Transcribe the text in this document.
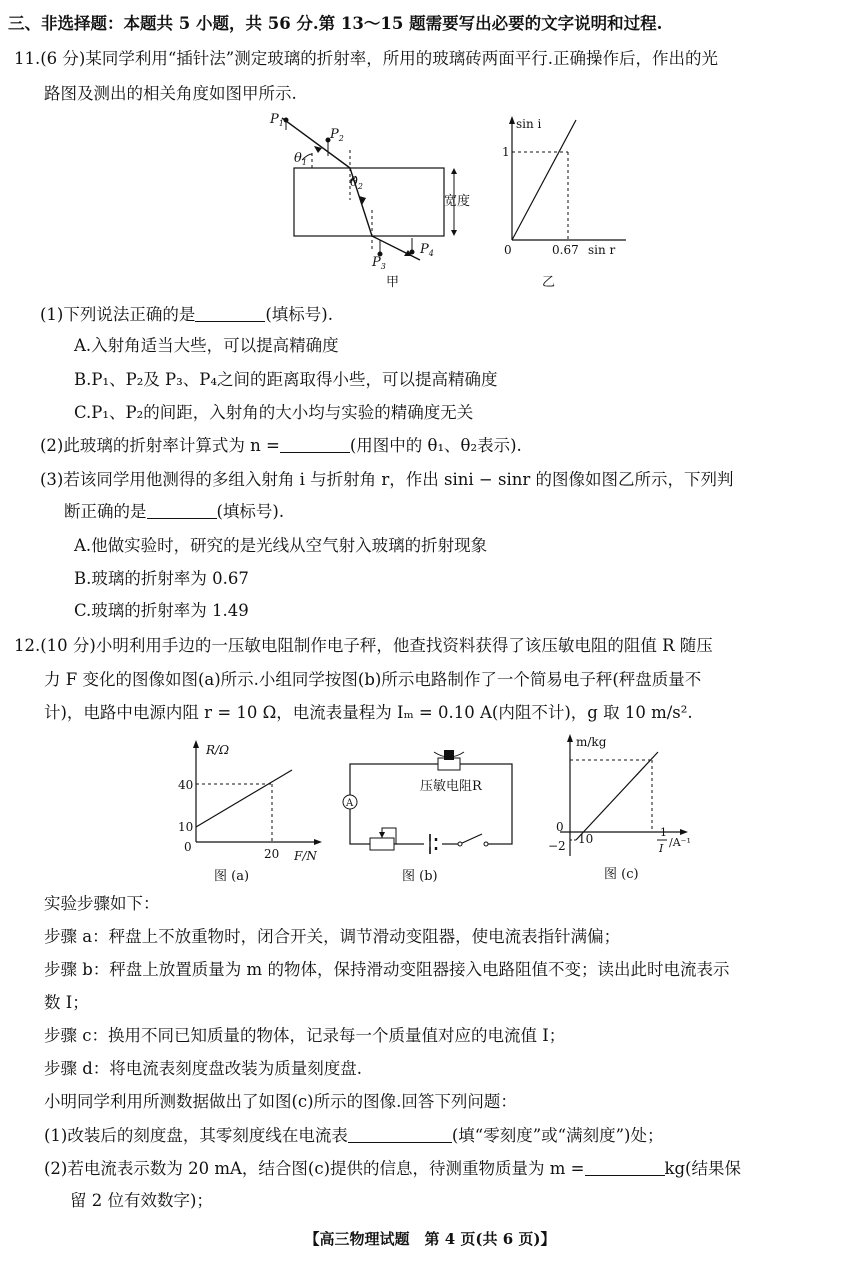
三、非选择题：本题共 5 小题，共 56 分.第 13～15 题需要写出必要的文字说明和过程.
11.(6 分)某同学利用“插针法”测定玻璃的折射率，所用的玻璃砖两面平行.正确操作后，作出的光
路图及测出的相关角度如图甲所示.
$P_1$
$P_2$
$P_3$
$P_4$
$\theta_1$
$\theta_2$
宽度
甲
sin i
1
0	0.67 sin r
乙
(1)下列说法正确的是	(填标号).
A.入射角适当大些，可以提高精确度
B.P₁、P₂及 P₃、P₄之间的距离取得小些，可以提高精确度
C.P₁、P₂的间距，入射角的大小均与实验的精确度无关
(2)此玻璃的折射率计算式为 n =	(用图中的 θ₁、θ₂表示).
(3)若该同学用他测得的多组入射角 i 与折射角 r，作出 sini − sinr 的图像如图乙所示，下列判
断正确的是	(填标号).
A.他做实验时，研究的是光线从空气射入玻璃的折射现象
B.玻璃的折射率为 0.67
C.玻璃的折射率为 1.49
12.(10 分)小明利用手边的一压敏电阻制作电子秤，他查找资料获得了该压敏电阻的阻值 R 随压
力 F 变化的图像如图(a)所示.小组同学按图(b)所示电路制作了一个简易电子秤(秤盘质量不
计)，电路中电源内阻 r = 10 Ω，电流表量程为 Iₘ = 0.10 A(内阻不计)，g 取 10 m/s².
R/Ω
40
10
0	20 F/N
图 (a)
A
压敏电阻R
图 (b)
m/kg
0
−2 10	1
I /A⁻¹
图 (c)
实验步骤如下：
步骤 a：秤盘上不放重物时，闭合开关，调节滑动变阻器，使电流表指针满偏；
步骤 b：秤盘上放置质量为 m 的物体，保持滑动变阻器接入电路阻值不变；读出此时电流表示
数 I；
步骤 c：换用不同已知质量的物体，记录每一个质量值对应的电流值 I；
步骤 d：将电流表刻度盘改装为质量刻度盘.
小明同学利用所测数据做出了如图(c)所示的图像.回答下列问题：
(1)改装后的刻度盘，其零刻度线在电流表	(填“零刻度”或“满刻度”)处；
(2)若电流表示数为 20 mA，结合图(c)提供的信息，待测重物质量为 m =	kg(结果保
留 2 位有效数字)；
【高三物理试题　第 4 页(共 6 页)】
